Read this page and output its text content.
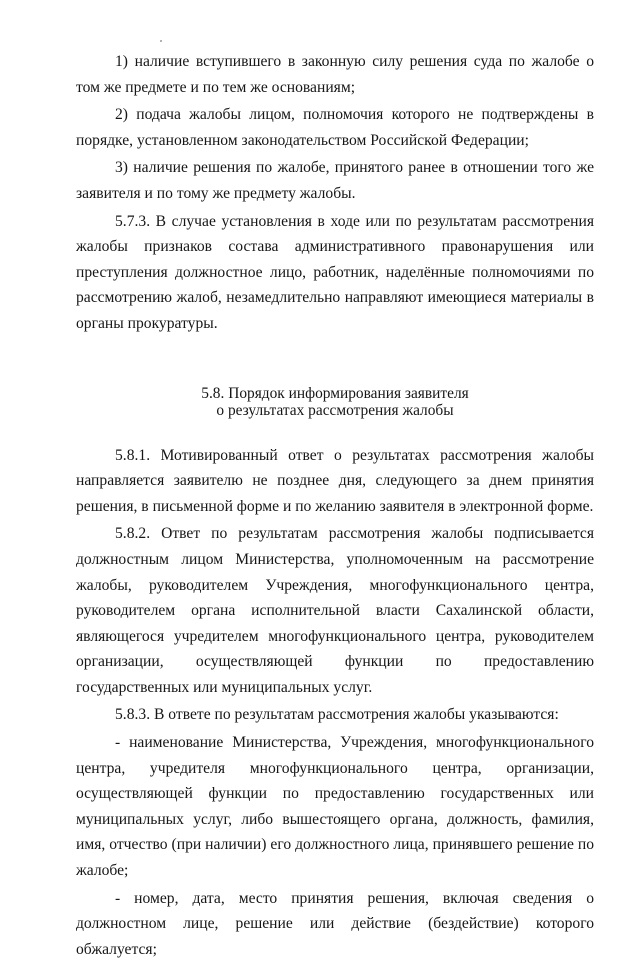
1) наличие вступившего в законную силу решения суда по жалобе о том же предмете и по тем же основаниям;

2) подача жалобы лицом, полномочия которого не подтверждены в порядке, установленном законодательством Российской Федерации;

3) наличие решения по жалобе, принятого ранее в отношении того же заявителя и по тому же предмету жалобы.

5.7.3. В случае установления в ходе или по результатам рассмотрения жалобы признаков состава административного правонарушения или преступления должностное лицо, работник, наделённые полномочиями по рассмотрению жалоб, незамедлительно направляют имеющиеся материалы в органы прокуратуры.

5.8. Порядок информирования заявителя
о результатах рассмотрения жалобы

5.8.1. Мотивированный ответ о результатах рассмотрения жалобы направляется заявителю не позднее дня, следующего за днем принятия решения, в письменной форме и по желанию заявителя в электронной форме.

5.8.2. Ответ по результатам рассмотрения жалобы подписывается должностным лицом Министерства, уполномоченным на рассмотрение жалобы, руководителем Учреждения, многофункционального центра, руководителем органа исполнительной власти Сахалинской области, являющегося учредителем многофункционального центра, руководителем организации, осуществляющей функции по предоставлению государственных или муниципальных услуг.

5.8.3. В ответе по результатам рассмотрения жалобы указываются:

- наименование Министерства, Учреждения, многофункционального центра, учредителя многофункционального центра, организации, осуществляющей функции по предоставлению государственных или муниципальных услуг, либо вышестоящего органа, должность, фамилия, имя, отчество (при наличии) его должностного лица, принявшего решение по жалобе;

- номер, дата, место принятия решения, включая сведения о должностном лице, решение или действие (бездействие) которого обжалуется;
